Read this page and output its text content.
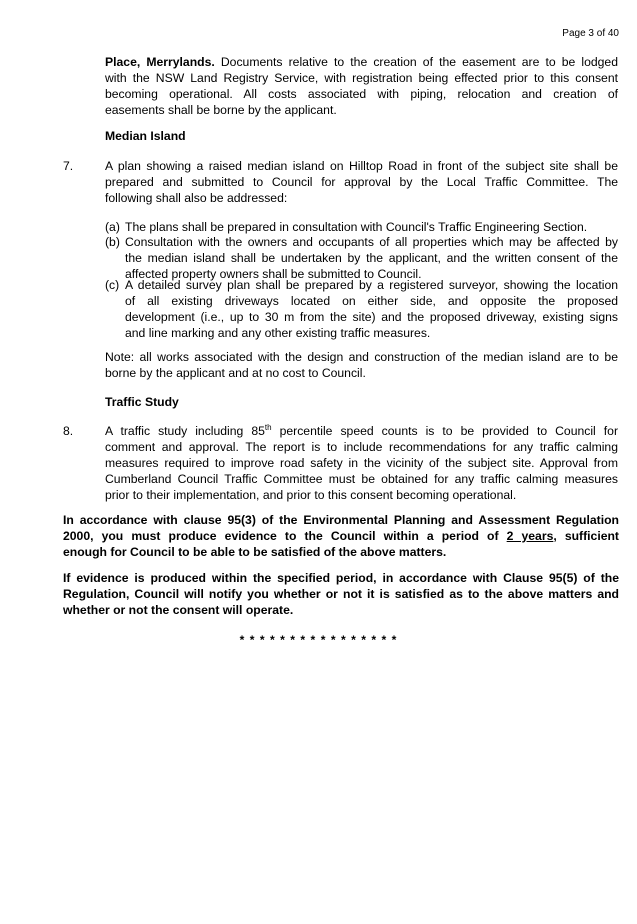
Page 3 of 40
Place, Merrylands. Documents relative to the creation of the easement are to be lodged
with the NSW Land Registry Service, with registration being effected prior to this consent
becoming operational. All costs associated with piping, relocation and creation of
easements shall be borne by the applicant.
Median Island
7.	A plan showing a raised median island on Hilltop Road in front of the subject site shall be
prepared and submitted to Council for approval by the Local Traffic Committee. The
following shall also be addressed:
(a) The plans shall be prepared in consultation with Council's Traffic Engineering Section.
(b) Consultation with the owners and occupants of all properties which may be affected by
the median island shall be undertaken by the applicant, and the written consent of the
affected property owners shall be submitted to Council.
(c) A detailed survey plan shall be prepared by a registered surveyor, showing the location
of all existing driveways located on either side, and opposite the proposed
development (i.e., up to 30 m from the site) and the proposed driveway, existing signs
and line marking and any other existing traffic measures.
Note: all works associated with the design and construction of the median island are to be
borne by the applicant and at no cost to Council.
Traffic Study
8.	A traffic study including 85th percentile speed counts is to be provided to Council for
comment and approval. The report is to include recommendations for any traffic calming
measures required to improve road safety in the vicinity of the subject site. Approval from
Cumberland Council Traffic Committee must be obtained for any traffic calming measures
prior to their implementation, and prior to this consent becoming operational.
In accordance with clause 95(3) of the Environmental Planning and Assessment Regulation
2000, you must produce evidence to the Council within a period of 2 years, sufficient
enough for Council to be able to be satisfied of the above matters.
If evidence is produced within the specified period, in accordance with Clause 95(5) of the
Regulation, Council will notify you whether or not it is satisfied as to the above matters and
whether or not the consent will operate.
* * * * * * * * * * * * * * * *
